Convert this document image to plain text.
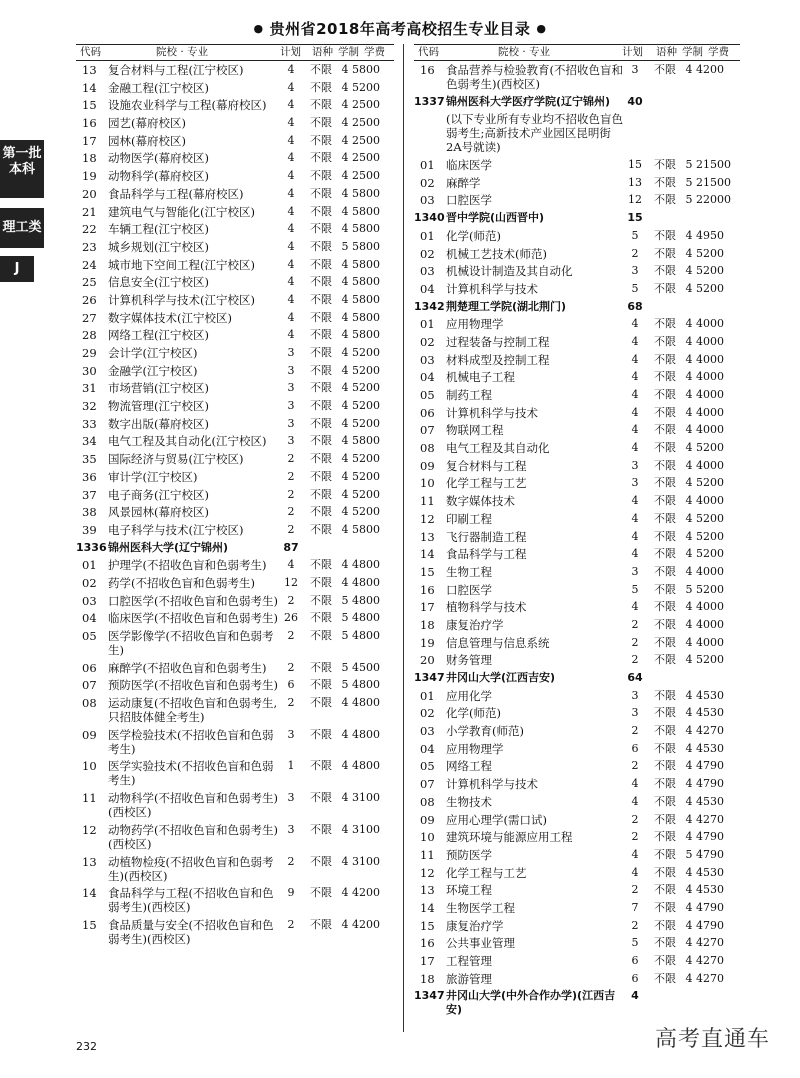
● 贵州省2018年高考高校招生专业目录 ●
第一批本科
理工类
J
代码	院校 · 专业	计划 语种 学制 学费
13 复合材料与工程(江宁校区)	4 不限 4 5800
14 金融工程(江宁校区)	4 不限 4 5200
15 设施农业科学与工程(幕府校区)	4 不限 4 2500
16 园艺(幕府校区)	4 不限 4 2500
17 园林(幕府校区)	4 不限 4 2500
18 动物医学(幕府校区)	4 不限 4 2500
19 动物科学(幕府校区)	4 不限 4 2500
20 食品科学与工程(幕府校区)	4 不限 4 5800
21 建筑电气与智能化(江宁校区)	4 不限 4 5800
22 车辆工程(江宁校区)	4 不限 4 5800
23 城乡规划(江宁校区)	4 不限 5 5800
24 城市地下空间工程(江宁校区)	4 不限 4 5800
25 信息安全(江宁校区)	4 不限 4 5800
26 计算机科学与技术(江宁校区)	4 不限 4 5800
27 数字媒体技术(江宁校区)	4 不限 4 5800
28 网络工程(江宁校区)	4 不限 4 5800
29 会计学(江宁校区)	3 不限 4 5200
30 金融学(江宁校区)	3 不限 4 5200
31 市场营销(江宁校区)	3 不限 4 5200
32 物流管理(江宁校区)	3 不限 4 5200
33 数字出版(幕府校区)	3 不限 4 5200
34 电气工程及其自动化(江宁校区)	3 不限 4 5800
35 国际经济与贸易(江宁校区)	2 不限 4 5200
36 审计学(江宁校区)	2 不限 4 5200
37 电子商务(江宁校区)	2 不限 4 5200
38 风景园林(幕府校区)	2 不限 4 5200
39 电子科学与技术(江宁校区)	2 不限 4 5800
1336 锦州医科大学(辽宁锦州)	87
01 护理学(不招收色盲和色弱考生)	4 不限 4 4800
02 药学(不招收色盲和色弱考生)	12 不限 4 4800
03 口腔医学(不招收色盲和色弱考生) 2 不限 5 4800
04 临床医学(不招收色盲和色弱考生) 26 不限 5 4800
05 医学影像学(不招收色盲和色弱考生)
2 不限 5 4800
06 麻醉学(不招收色盲和色弱考生)	2 不限 5 4500
07 预防医学(不招收色盲和色弱考生) 6 不限 5 4800
08 运动康复(不招收色盲和色弱考生,只招肢体健全考生)
2 不限 4 4800
09 医学检验技术(不招收色盲和色弱考生)
3 不限 4 4800
10 医学实验技术(不招收色盲和色弱考生)
1 不限 4 4800
11 动物科学(不招收色盲和色弱考生)(西校区)
3 不限 4 3100
12 动物药学(不招收色盲和色弱考生)(西校区)
3 不限 4 3100
13 动植物检疫(不招收色盲和色弱考生)(西校区)
2 不限 4 3100
14 食品科学与工程(不招收色盲和色弱考生)(西校区)
9 不限 4 4200
15 食品质量与安全(不招收色盲和色弱考生)(西校区)
2 不限 4 4200
代码	院校 · 专业	计划 语种 学制 学费
16 食品营养与检验教育(不招收色盲和色弱考生)(西校区)
3 不限 4 4200
1337 锦州医科大学医疗学院(辽宁锦州)	40
(以下专业所有专业均不招收色盲色弱考生;高新技术产业园区昆明街2A号就读)
01 临床医学	15 不限 5 21500
02 麻醉学	13 不限 5 21500
03 口腔医学	12 不限 5 22000
1340 晋中学院(山西晋中)	15
01 化学(师范)	5 不限 4 4950
02 机械工艺技术(师范)	2 不限 4 5200
03 机械设计制造及其自动化	3 不限 4 5200
04 计算机科学与技术	5 不限 4 5200
1342 荆楚理工学院(湖北荆门)	68
01 应用物理学	4 不限 4 4000
02 过程装备与控制工程	4 不限 4 4000
03 材料成型及控制工程	4 不限 4 4000
04 机械电子工程	4 不限 4 4000
05 制药工程	4 不限 4 4000
06 计算机科学与技术	4 不限 4 4000
07 物联网工程	4 不限 4 4000
08 电气工程及其自动化	4 不限 4 5200
09 复合材料与工程	3 不限 4 4000
10 化学工程与工艺	3 不限 4 5200
11 数字媒体技术	4 不限 4 4000
12 印刷工程	4 不限 4 5200
13 飞行器制造工程	4 不限 4 5200
14 食品科学与工程	4 不限 4 5200
15 生物工程	3 不限 4 4000
16 口腔医学	5 不限 5 5200
17 植物科学与技术	4 不限 4 4000
18 康复治疗学	2 不限 4 4000
19 信息管理与信息系统	2 不限 4 4000
20 财务管理	2 不限 4 5200
1347 井冈山大学(江西吉安)	64
01 应用化学	3 不限 4 4530
02 化学(师范)	3 不限 4 4530
03 小学教育(师范)	2 不限 4 4270
04 应用物理学	6 不限 4 4530
05 网络工程	2 不限 4 4790
07 计算机科学与技术	4 不限 4 4790
08 生物技术	4 不限 4 4530
09 应用心理学(需口试)	2 不限 4 4270
10 建筑环境与能源应用工程	2 不限 4 4790
11 预防医学	4 不限 5 4790
12 化学工程与工艺	4 不限 4 4530
13 环境工程	2 不限 4 4530
14 生物医学工程	7 不限 4 4790
15 康复治疗学	2 不限 4 4790
16 公共事业管理	5 不限 4 4270
17 工程管理	6 不限 4 4270
18 旅游管理	6 不限 4 4270
1347 井冈山大学(中外合作办学)(江西吉安)
4
232	高考直通车
